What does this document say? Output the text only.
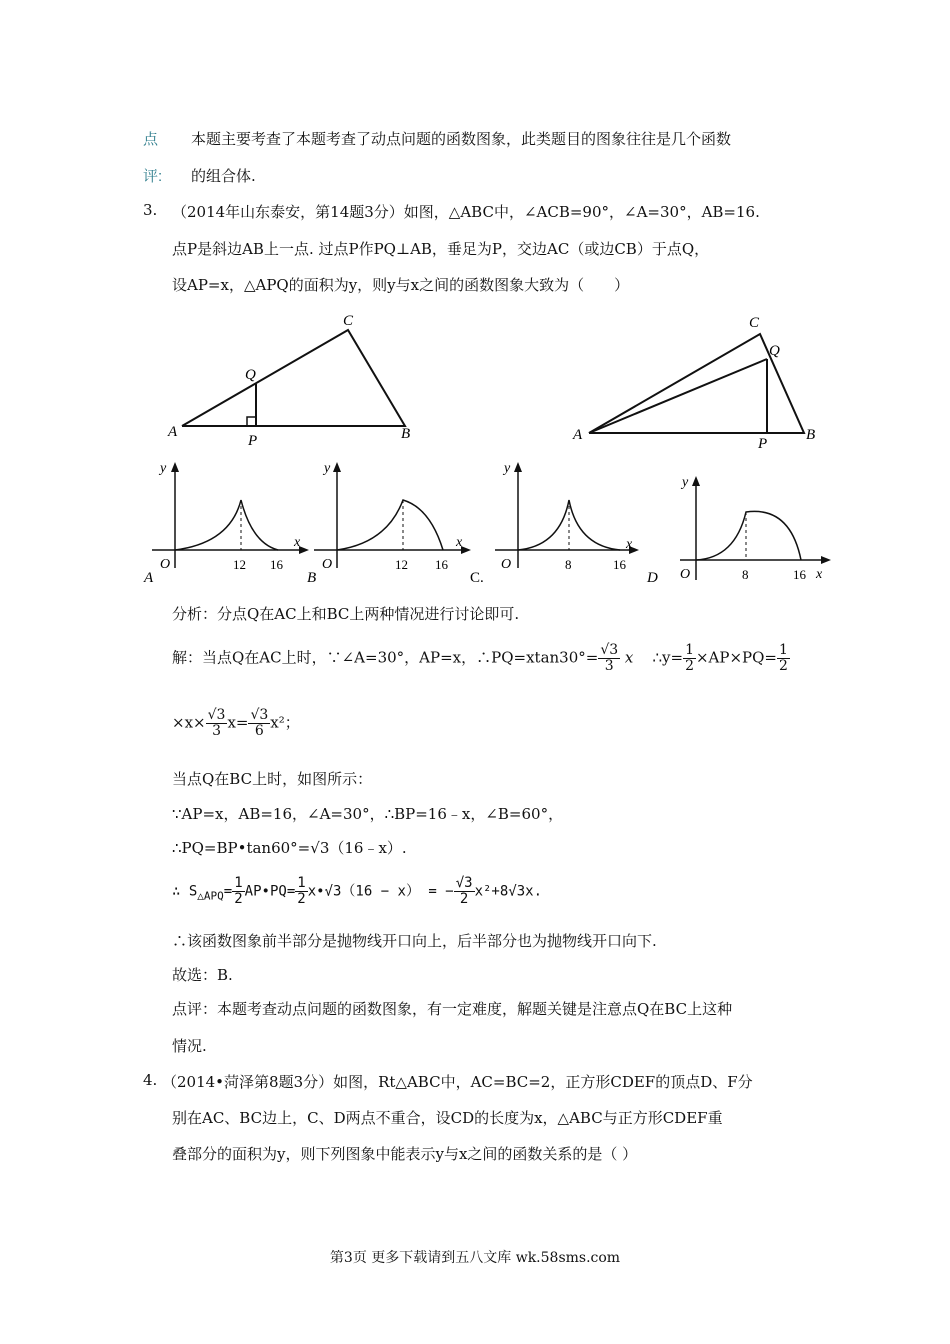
点
评:
本题主要考查了本题考查了动点问题的函数图象，此类题目的图象往往是几个函数
的组合体.
3. （2014年山东泰安，第14题3分）如图，△ABC中，∠ACB=90°，∠A=30°，AB=16.
点P是斜边AB上一点. 过点P作PQ⊥AB，垂足为P，交边AC（或边CB）于点Q，
设AP=x，△APQ的面积为y，则y与x之间的函数图象大致为（　　）
A
C
B
P
Q
A
C
B
P
Q
y
x
O	12 16
A
y
x
O	12 16
B
y
x
O	8	16
C.
y
x
O	8	16
D
分析：分点Q在AC上和BC上两种情况进行讨论即可.
解：当点Q在AC上时，∵∠A=30°，AP=x，∴PQ=xtan30°= $\frac{√3}{3}$ x ∴y= $\frac{1}{2} \times AP\times PQ= \frac{1}{2}$
$\times x\times \frac{√3}{3} x= \frac{√3}{6} x^2$；
当点Q在BC上时，如图所示：
∵AP=x，AB=16，∠A=30°，∴BP=16﹣x，∠B=60°，
∴PQ=BP•tan60°=√3（16﹣x）.
∴ $S_{\triangle APQ}= \frac{1}{2}$ AP•PQ= $\frac{1}{2}$ x•√3（16 − x） = − $\frac{√3}{2} x^2+8√3x$.
∴该函数图象前半部分是抛物线开口向上，后半部分也为抛物线开口向下.
故选：B.
点评：本题考查动点问题的函数图象，有一定难度，解题关键是注意点Q在BC上这种
情况.
4. （2014•菏泽第8题3分）如图，Rt△ABC中，AC=BC=2，正方形CDEF的顶点D、F分
别在AC、BC边上，C、D两点不重合，设CD的长度为x，△ABC与正方形CDEF重
叠部分的面积为y，则下列图象中能表示y与x之间的函数关系的是（ ）
第3页 更多下载请到五八文库 wk.58sms.com
